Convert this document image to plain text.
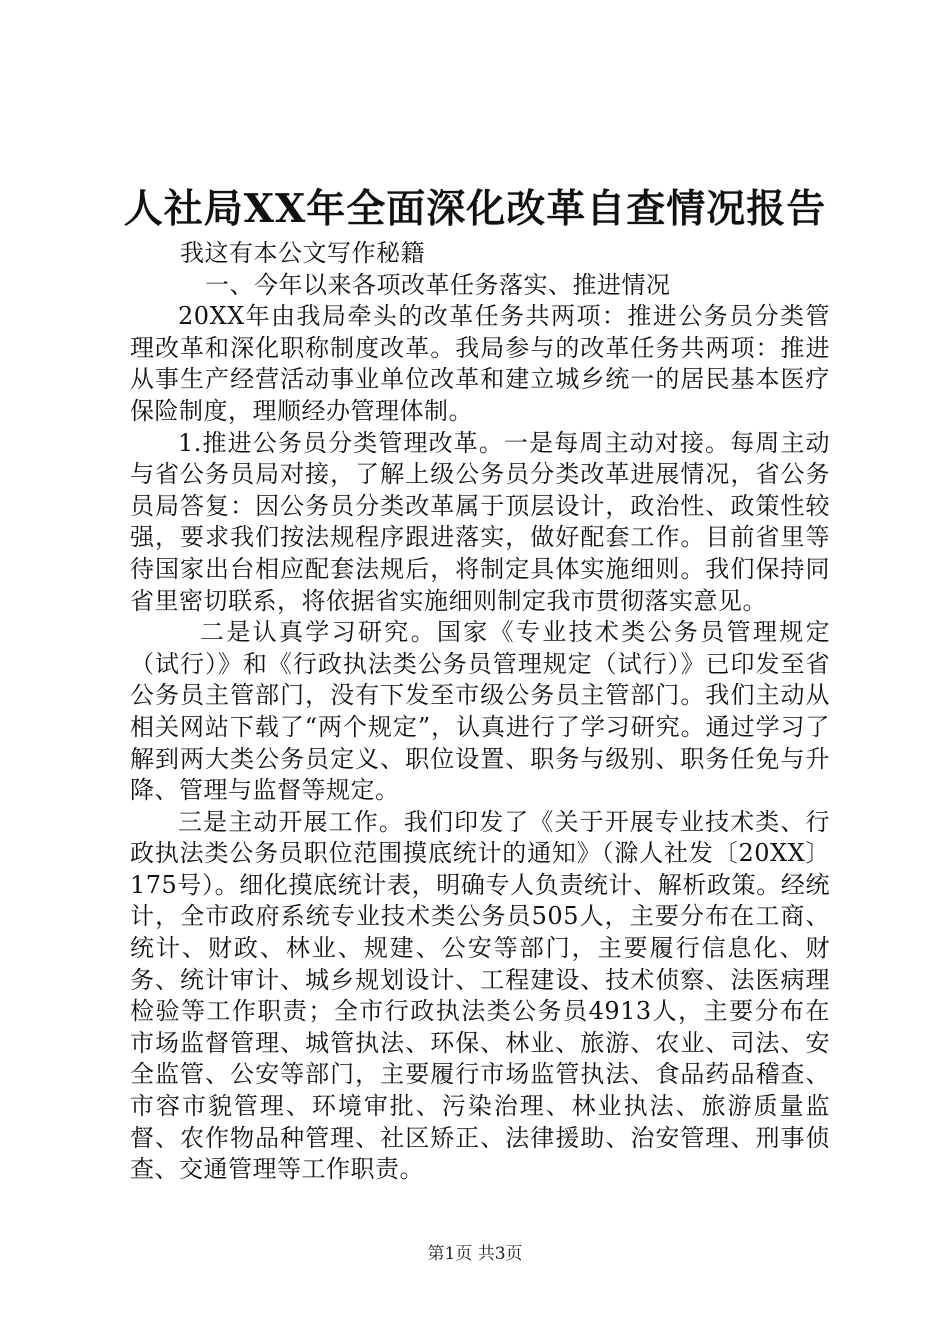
人社局XX年全面深化改革自查情况报告

我这有本公文写作秘籍

一、今年以来各项改革任务落实、推进情况

20XX年由我局牵头的改革任务共两项：推进公务员分类管理改革和深化职称制度改革。我局参与的改革任务共两项：推进从事生产经营活动事业单位改革和建立城乡统一的居民基本医疗保险制度，理顺经办管理体制。

1.推进公务员分类管理改革。一是每周主动对接。每周主动与省公务员局对接，了解上级公务员分类改革进展情况，省公务员局答复：因公务员分类改革属于顶层设计，政治性、政策性较强，要求我们按法规程序跟进落实，做好配套工作。目前省里等待国家出台相应配套法规后，将制定具体实施细则。我们保持同省里密切联系，将依据省实施细则制定我市贯彻落实意见。

二是认真学习研究。国家《专业技术类公务员管理规定（试行）》和《行政执法类公务员管理规定（试行）》已印发至省公务员主管部门，没有下发至市级公务员主管部门。我们主动从相关网站下载了“两个规定”，认真进行了学习研究。通过学习了解到两大类公务员定义、职位设置、职务与级别、职务任免与升降、管理与监督等规定。

三是主动开展工作。我们印发了《关于开展专业技术类、行政执法类公务员职位范围摸底统计的通知》（滁人社发〔20XX〕175号）。细化摸底统计表，明确专人负责统计、解析政策。经统计，全市政府系统专业技术类公务员505人，主要分布在工商、统计、财政、林业、规建、公安等部门，主要履行信息化、财务、统计审计、城乡规划设计、工程建设、技术侦察、法医病理检验等工作职责；全市行政执法类公务员4913人，主要分布在市场监督管理、城管执法、环保、林业、旅游、农业、司法、安全监管、公安等部门，主要履行市场监管执法、食品药品稽查、市容市貌管理、环境审批、污染治理、林业执法、旅游质量监督、农作物品种管理、社区矫正、法律援助、治安管理、刑事侦查、交通管理等工作职责。

第1页 共3页
